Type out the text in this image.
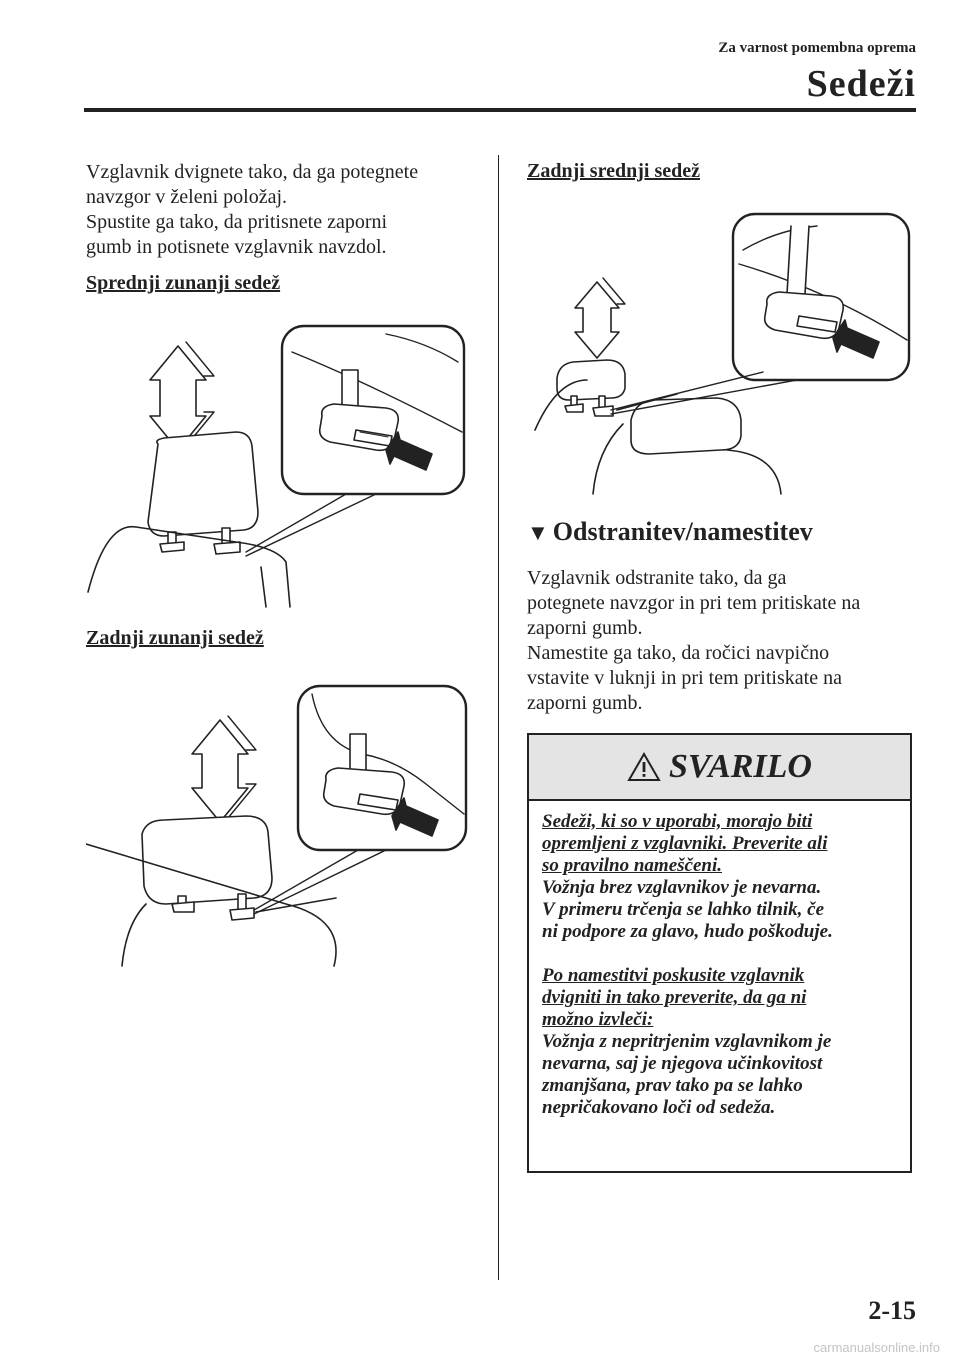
Za varnost pomembna oprema
Sedeži

Vzglavnik dvignete tako, da ga potegnete

navzgor v želeni položaj.

Spustite ga tako, da pritisnete zaporni

gumb in potisnete vzglavnik navzdol.

Sprednji zunanji sedež
Zadnji zunanji sedež
Zadnji srednji sedež
▼ Odstranitev/namestitev

Vzglavnik odstranite tako, da ga

potegnete navzgor in pri tem pritiskate na

zaporni gumb.

Namestite ga tako, da ročici navpično

vstavite v luknji in pri tem pritiskate na

zaporni gumb.

SVARILO

Sedeži, ki so v uporabi, morajo biti

opremljeni z vzglavniki. Preverite ali

so pravilno nameščeni.

Vožnja brez vzglavnikov je nevarna.

V primeru trčenja se lahko tilnik, če

ni podpore za glavo, hudo poškoduje.

Po namestitvi poskusite vzglavnik

dvigniti in tako preverite, da ga ni

možno izvleči:

Vožnja z nepritrjenim vzglavnikom je

nevarna, saj je njegova učinkovitost

zmanjšana, prav tako pa se lahko

nepričakovano loči od sedeža.

2-15
carmanualsonline.info
